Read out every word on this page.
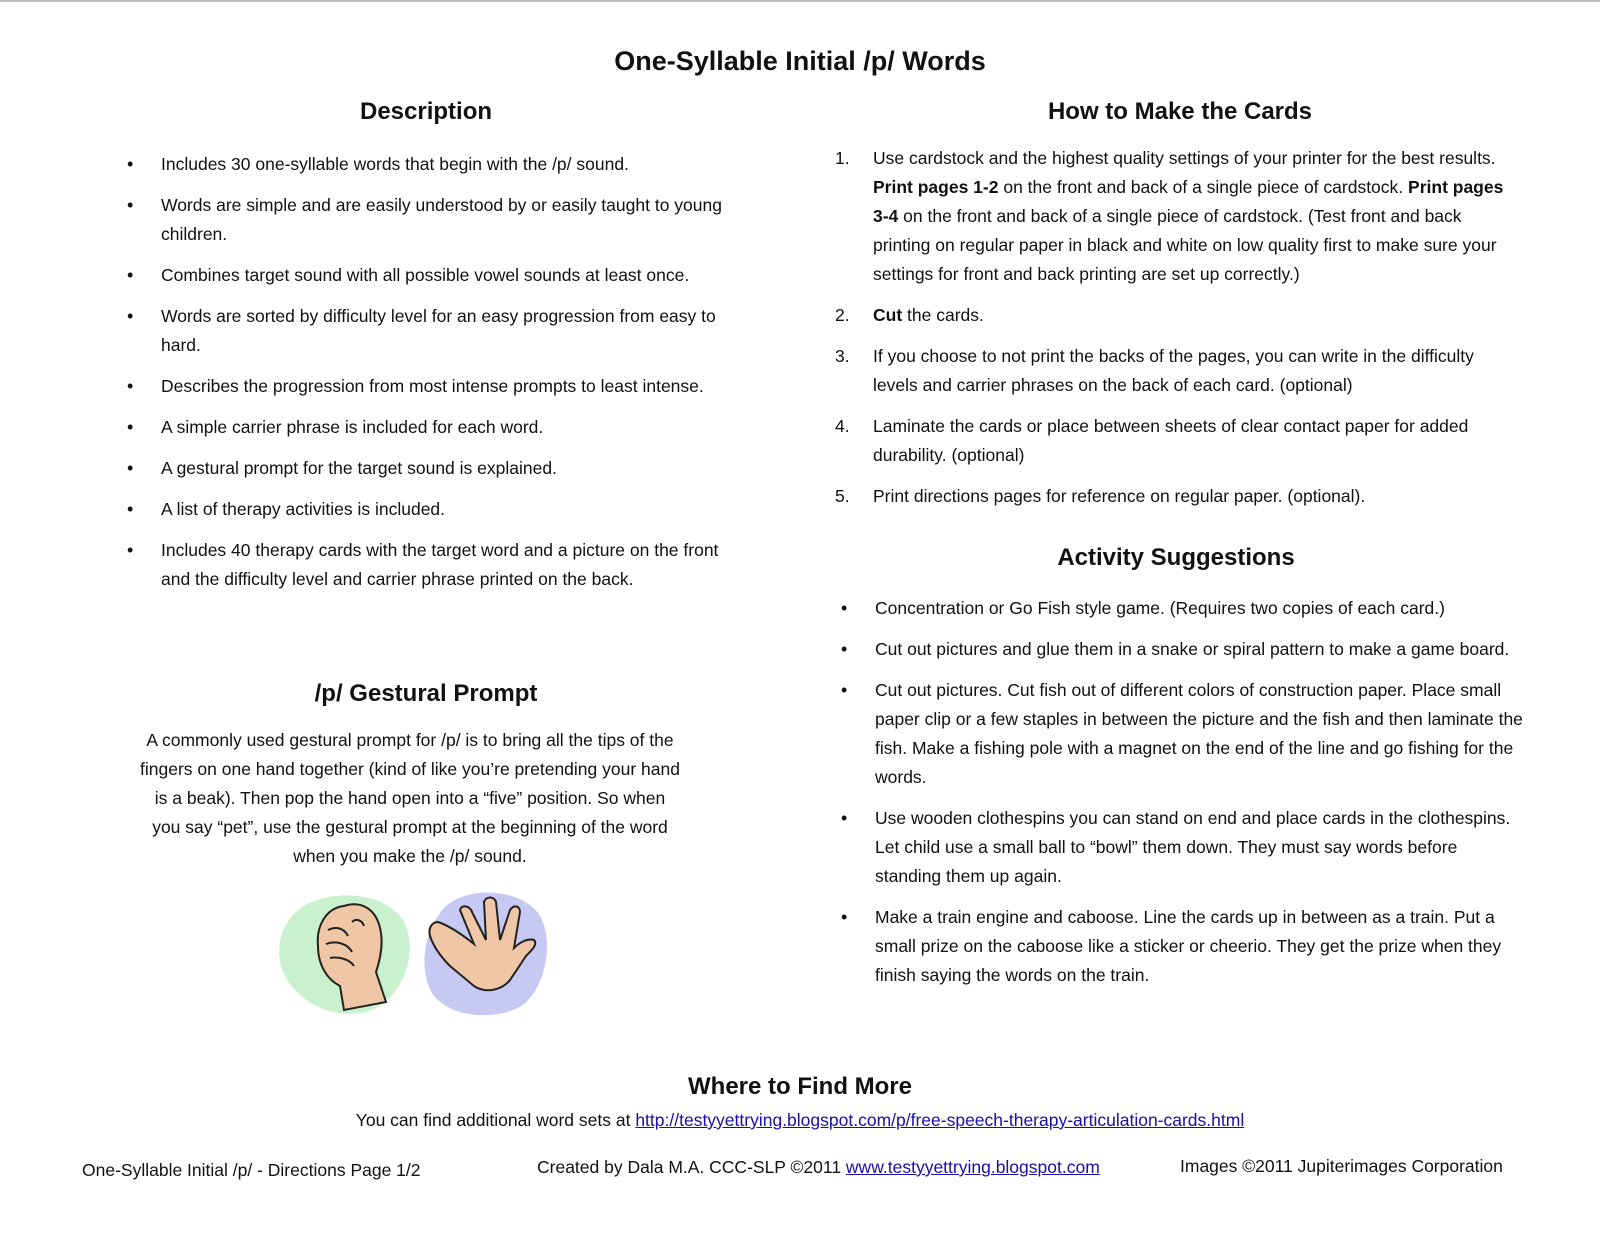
One-Syllable Initial /p/ Words
Description
• Includes 30 one-syllable words that begin with the /p/ sound.
• Words are simple and are easily understood by or easily taught to young children.
• Combines target sound with all possible vowel sounds at least once.
• Words are sorted by difficulty level for an easy progression from easy to hard.
• Describes the progression from most intense prompts to least intense.
• A simple carrier phrase is included for each word.
• A gestural prompt for the target sound is explained.
• A list of therapy activities is included.
• Includes 40 therapy cards with the target word and a picture on the front and the difficulty level and carrier phrase printed on the back.
/p/ Gestural Prompt
A commonly used gestural prompt for /p/ is to bring all the tips of the fingers on one hand together (kind of like you’re pretending your hand is a beak). Then pop the hand open into a “five” position. So when you say “pet”, use the gestural prompt at the beginning of the word when you make the /p/ sound.
How to Make the Cards
1. Use cardstock and the highest quality settings of your printer for the best results. Print pages 1-2 on the front and back of a single piece of cardstock. Print pages 3-4 on the front and back of a single piece of cardstock. (Test front and back printing on regular paper in black and white on low quality first to make sure your settings for front and back printing are set up correctly.)
2. Cut the cards.
3. If you choose to not print the backs of the pages, you can write in the difficulty levels and carrier phrases on the back of each card. (optional)
4. Laminate the cards or place between sheets of clear contact paper for added durability. (optional)
5. Print directions pages for reference on regular paper. (optional).
Activity Suggestions
• Concentration or Go Fish style game. (Requires two copies of each card.)
• Cut out pictures and glue them in a snake or spiral pattern to make a game board.
• Cut out pictures. Cut fish out of different colors of construction paper. Place small paper clip or a few staples in between the picture and the fish and then laminate the fish. Make a fishing pole with a magnet on the end of the line and go fishing for the words.
• Use wooden clothespins you can stand on end and place cards in the clothespins. Let child use a small ball to “bowl” them down. They must say words before standing them up again.
• Make a train engine and caboose. Line the cards up in between as a train. Put a small prize on the caboose like a sticker or cheerio. They get the prize when they finish saying the words on the train.
Where to Find More
You can find additional word sets at http://testyyettrying.blogspot.com/p/free-speech-therapy-articulation-cards.html
One-Syllable Initial /p/ - Directions Page 1/2	Created by Dala M.A. CCC-SLP ©2011 www.testyyettrying.blogspot.com	Images ©2011 Jupiterimages Corporation
